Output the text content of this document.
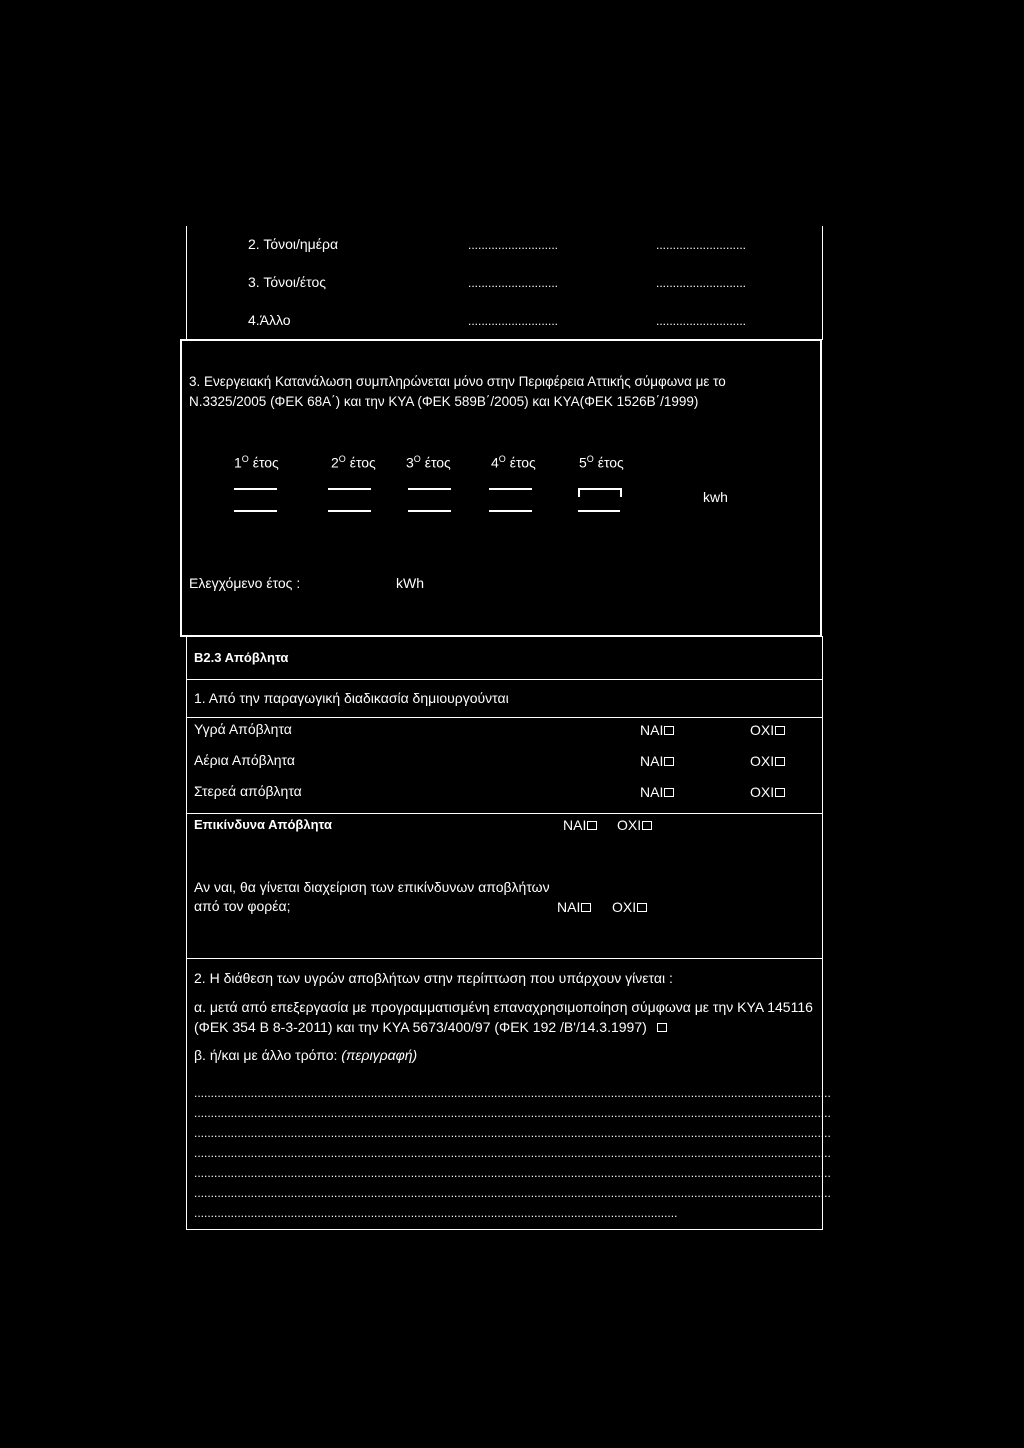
2. Τόνοι/ημέρα	...........................	...........................
3. Τόνοι/έτος	...........................	...........................
4.Άλλο	...........................	...........................
3. Ενεργειακή Κατανάλωση συμπληρώνεται μόνο στην Περιφέρεια Αττικής σύμφωνα με το
Ν.3325/2005 (ΦΕΚ 68Α΄) και την ΚΥΑ (ΦΕΚ 589Β΄/2005) και ΚΥΑ(ΦΕΚ 1526Β΄/1999)
$1^O$ έτος	$2^O$ έτος $3^O$ έτος	$4^O$ έτος	$5^O$ έτος
kwh
Ελεγχόμενο έτος :	kWh
Β2.3 Απόβλητα
1. Από την παραγωγική διαδικασία δημιουργούνται
Υγρά Απόβλητα	ΝΑΙ	ΟΧΙ
Αέρια Απόβλητα	ΝΑΙ	ΟΧΙ
Στερεά απόβλητα	ΝΑΙ	ΟΧΙ
Επικίνδυνα Απόβλητα	ΝΑΙ	ΟΧΙ
Αν ναι, θα γίνεται διαχείριση των επικίνδυνων αποβλήτων
από τον φορέα;	ΝΑΙ	ΟΧΙ
2. Η διάθεση των υγρών αποβλήτων στην περίπτωση που υπάρχουν γίνεται :
α. μετά από επεξεργασία με προγραμματισμένη επαναχρησιμοποίηση σύμφωνα με την ΚΥΑ 145116
(ΦΕΚ 354 Β 8-3-2011) και την ΚΥΑ 5673/400/97 (ΦΕΚ 192 /Β'/14.3.1997)
β. ή/και με άλλο τρόπο: (περιγραφή)
...............................................................................................................................................................................................
...............................................................................................................................................................................................
...............................................................................................................................................................................................
...............................................................................................................................................................................................
...............................................................................................................................................................................................
...............................................................................................................................................................................................
.................................................................................................................................................
